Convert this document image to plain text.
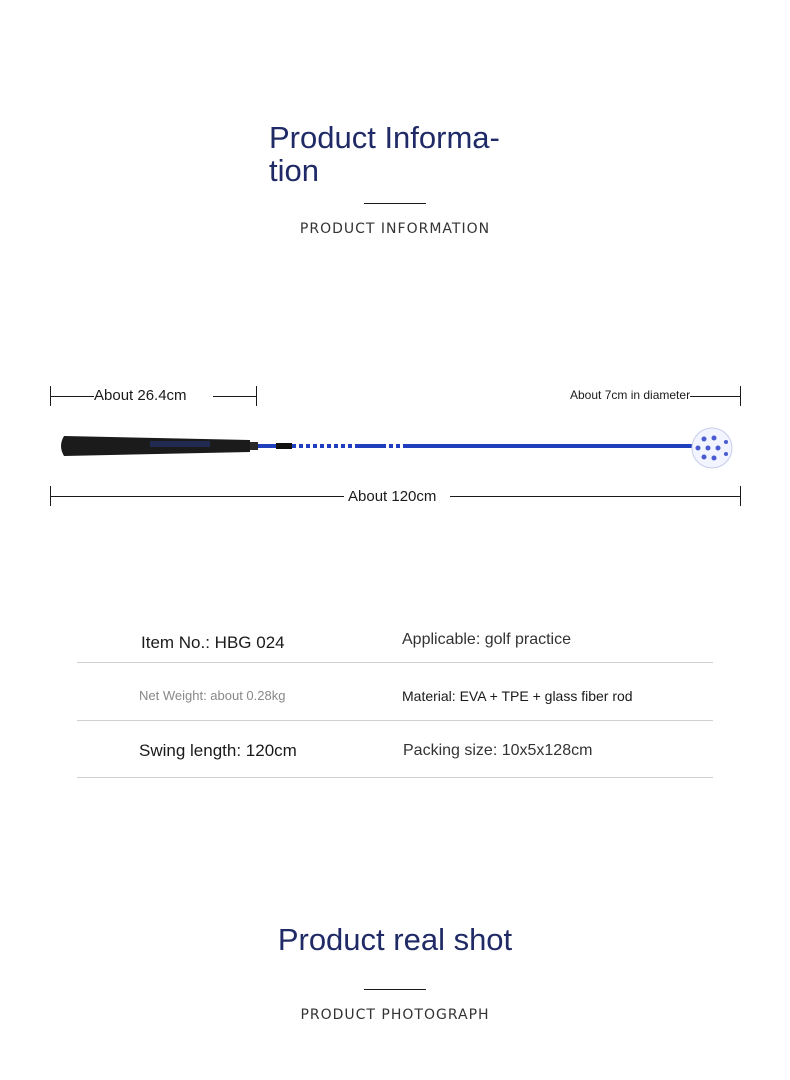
Product Informa-
tion
PRODUCT INFORMATION
About 26.4cm	About 7cm in diameter
About 120cm
Item No.: HBG 024	Applicable: golf practice
Net Weight: about 0.28kg	Material: EVA + TPE + glass fiber rod
Swing length: 120cm	Packing size: 10x5x128cm
Product real shot
PRODUCT PHOTOGRAPH
